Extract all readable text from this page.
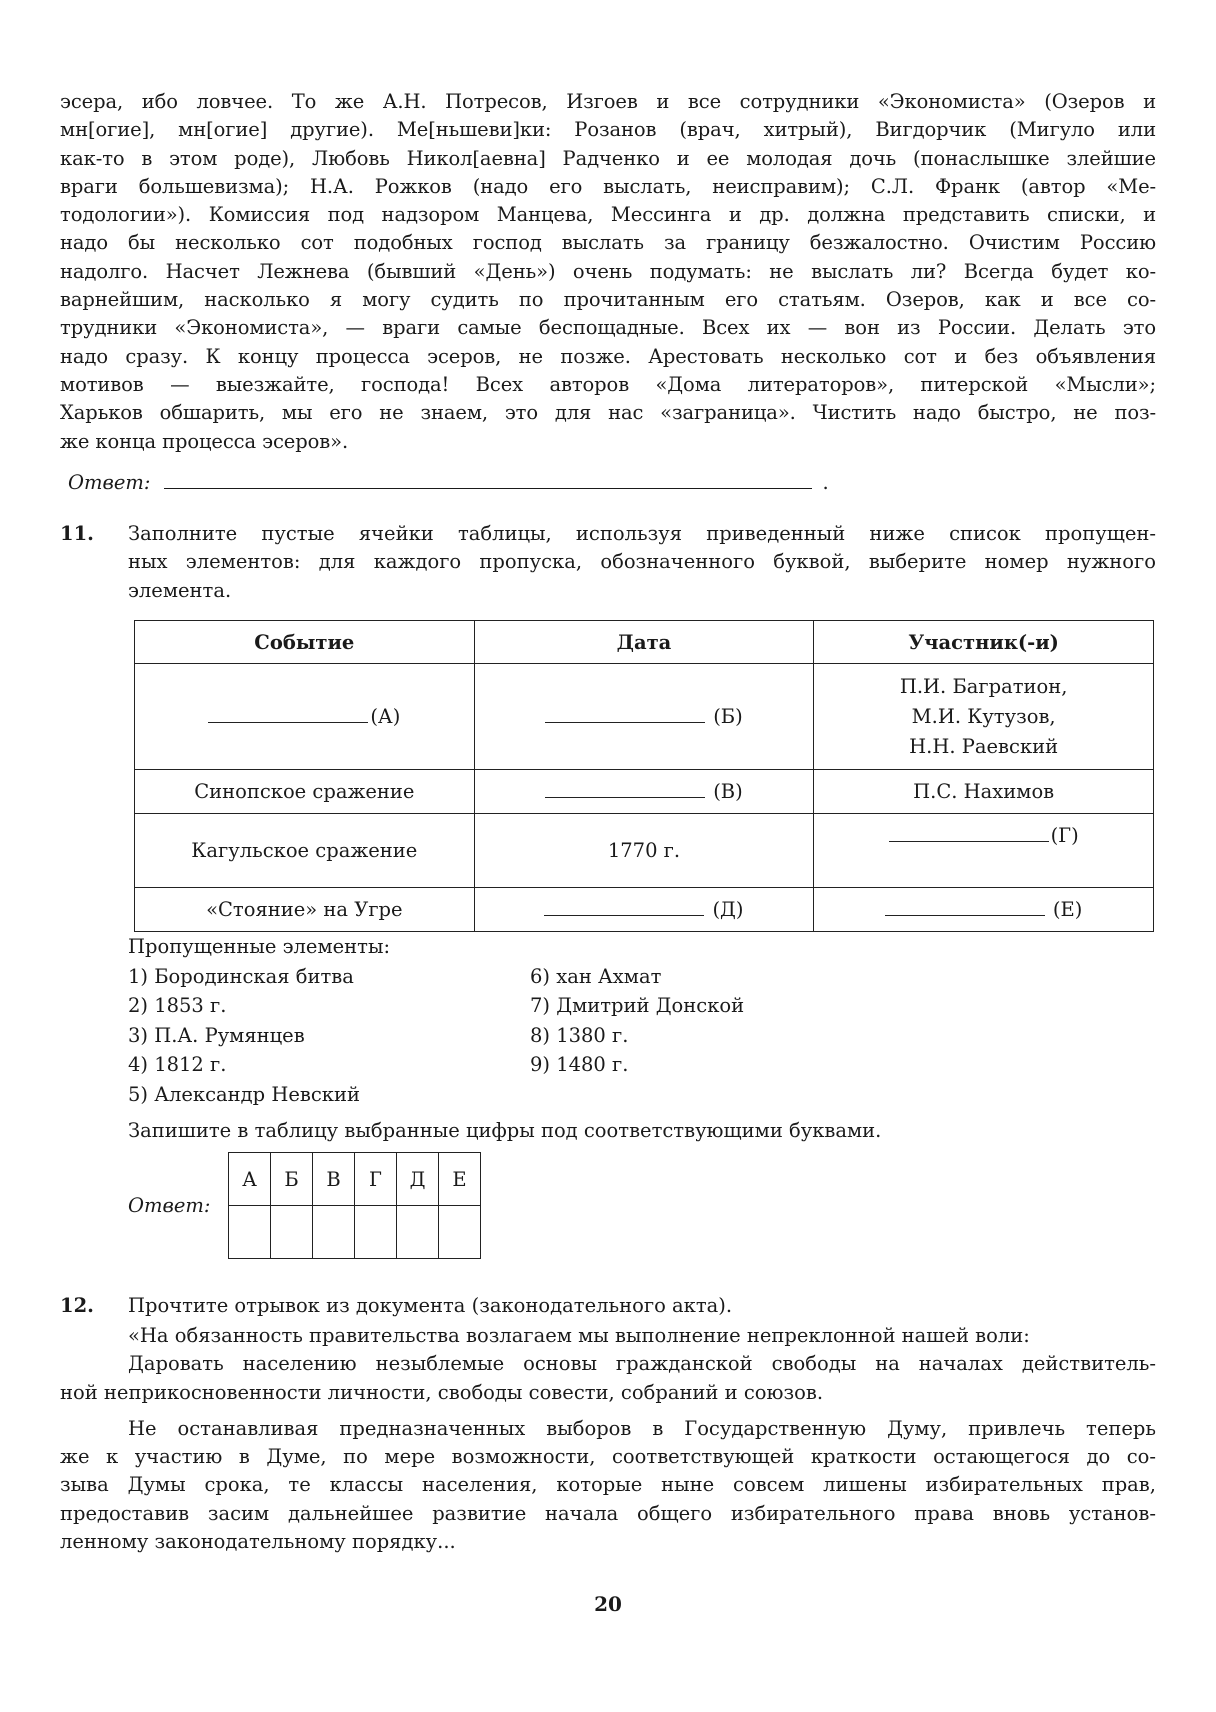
эсера, ибо ловчее. То же А.Н. Потресов, Изгоев и все сотрудники «Экономиста» (Озеров и
мн[огие], мн[огие] другие). Ме[ньшеви]ки: Розанов (врач, хитрый), Вигдорчик (Мигуло или
как-то в этом роде), Любовь Никол[аевна] Радченко и ее молодая дочь (понаслышке злейшие
враги большевизма); Н.А. Рожков (надо его выслать, неисправим); С.Л. Франк (автор «Ме-
тодологии»). Комиссия под надзором Манцева, Мессинга и др. должна представить списки, и
надо бы несколько сот подобных господ выслать за границу безжалостно. Очистим Россию
надолго. Насчет Лежнева (бывший «День») очень подумать: не выслать ли? Всегда будет ко-
варнейшим, насколько я могу судить по прочитанным его статьям. Озеров, как и все со-
трудники «Экономиста», — враги самые беспощадные. Всех их — вон из России. Делать это
надо сразу. К концу процесса эсеров, не позже. Арестовать несколько сот и без объявления
мотивов — выезжайте, господа! Всех авторов «Дома литераторов», питерской «Мысли»;
Харьков обшарить, мы его не знаем, это для нас «заграница». Чистить надо быстро, не поз-
же конца процесса эсеров».

Ответ:	.
11. Заполните пустые ячейки таблицы, используя приведенный ниже список пропущен-
ных элементов: для каждого пропуска, обозначенного буквой, выберите номер нужного
элемента.
Событие	Дата	Участник(-и)
(А)	(Б)	П.И. Багратион,
М.И. Кутузов,
Н.Н. Раевский

Синопское сражение	(В)	П.С. Нахимов
Кагульское сражение	1770 г.	(Г)
«Стояние» на Угре	(Д)	(Е)
Пропущенные элементы:
1) Бородинская битва
2) 1853 г.
3) П.А. Румянцев
4) 1812 г.
5) Александр Невский
6) хан Ахмат
7) Дмитрий Донской
8) 1380 г.
9) 1480 г.
Запишите в таблицу выбранные цифры под соответствующими буквами.
Ответ:
А	Б	В	Г	Д	Е

12. Прочтите отрывок из документа (законодательного акта).
«На обязанность правительства возлагаем мы выполнение непреклонной нашей воли:
Даровать населению незыблемые основы гражданской свободы на началах действитель-
ной неприкосновенности личности, свободы совести, собраний и союзов.
Не останавливая предназначенных выборов в Государственную Думу, привлечь теперь
же к участию в Думе, по мере возможности, соответствующей краткости остающегося до со-
зыва Думы срока, те классы населения, которые ныне совсем лишены избирательных прав,
предоставив засим дальнейшее развитие начала общего избирательного права вновь установ-
ленному законодательному порядку...
20
